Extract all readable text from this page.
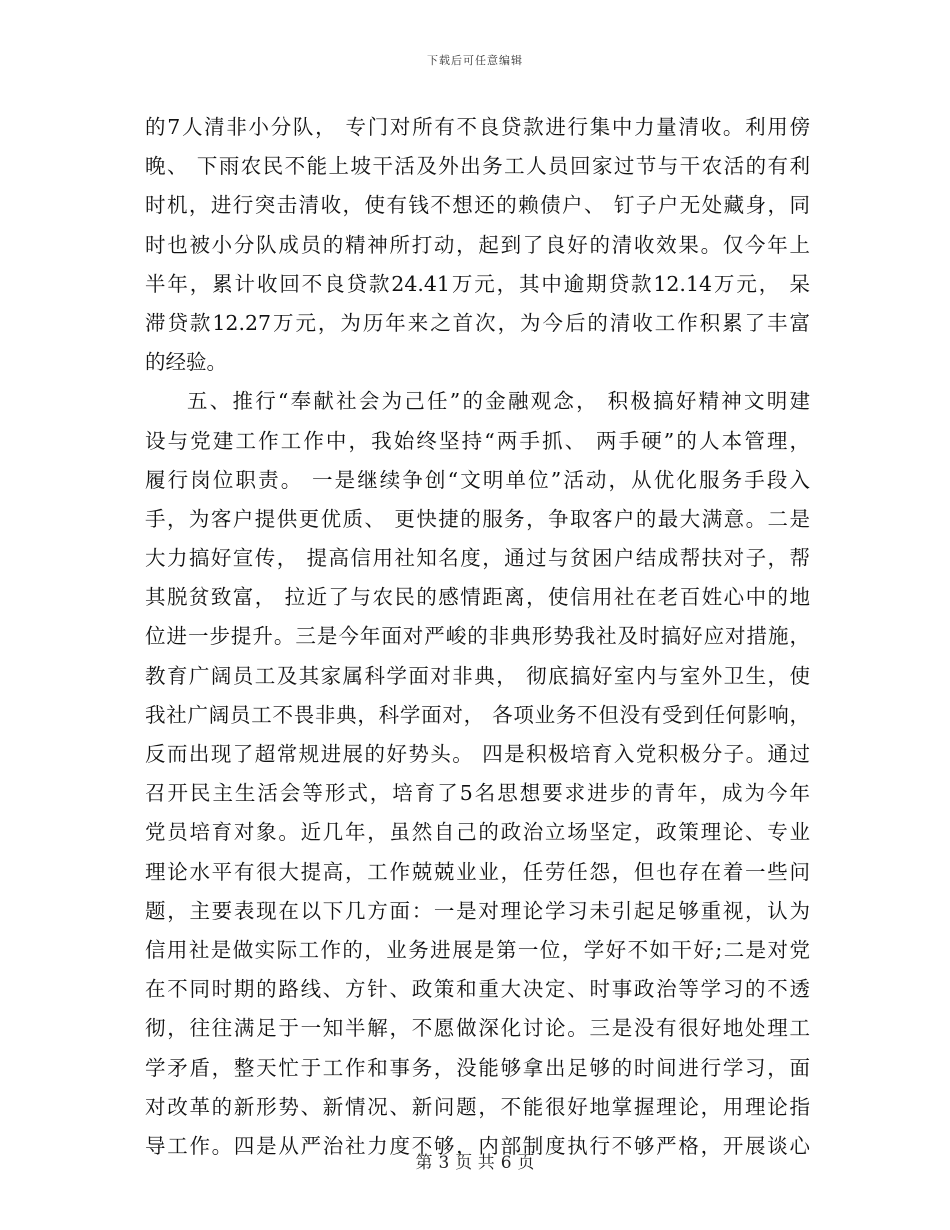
下载后可任意编辑
的7人清非小分队， 专门对所有不良贷款进行集中力量清收。利用傍
晚、 下雨农民不能上坡干活及外出务工人员回家过节与干农活的有利
时机，进行突击清收，使有钱不想还的赖债户、 钉子户无处藏身，同
时也被小分队成员的精神所打动，起到了良好的清收效果。仅今年上
半年，累计收回不良贷款24.41万元，其中逾期贷款12.14万元， 呆
滞贷款12.27万元，为历年来之首次，为今后的清收工作积累了丰富
的经验。
五、推行“奉献社会为己任”的金融观念， 积极搞好精神文明建
设与党建工作工作中，我始终坚持“两手抓、 两手硬”的人本管理，
履行岗位职责。 一是继续争创“文明单位”活动，从优化服务手段入
手，为客户提供更优质、 更快捷的服务，争取客户的最大满意。二是
大力搞好宣传， 提高信用社知名度，通过与贫困户结成帮扶对子，帮
其脱贫致富， 拉近了与农民的感情距离，使信用社在老百姓心中的地
位进一步提升。三是今年面对严峻的非典形势我社及时搞好应对措施，
教育广阔员工及其家属科学面对非典， 彻底搞好室内与室外卫生，使
我社广阔员工不畏非典，科学面对， 各项业务不但没有受到任何影响，
反而出现了超常规进展的好势头。 四是积极培育入党积极分子。通过
召开民主生活会等形式，培育了5名思想要求进步的青年，成为今年
党员培育对象。近几年，虽然自己的政治立场坚定，政策理论、专业
理论水平有很大提高，工作兢兢业业，任劳任怨，但也存在着一些问
题，主要表现在以下几方面：一是对理论学习未引起足够重视，认为
信用社是做实际工作的，业务进展是第一位，学好不如干好;二是对党
在不同时期的路线、方针、政策和重大决定、时事政治等学习的不透
彻，往往满足于一知半解，不愿做深化讨论。三是没有很好地处理工
学矛盾，整天忙于工作和事务，没能够拿出足够的时间进行学习，面
对改革的新形势、新情况、新问题，不能很好地掌握理论，用理论指
导工作。四是从严治社力度不够，内部制度执行不够严格，开展谈心
第 3 页 共 6 页
